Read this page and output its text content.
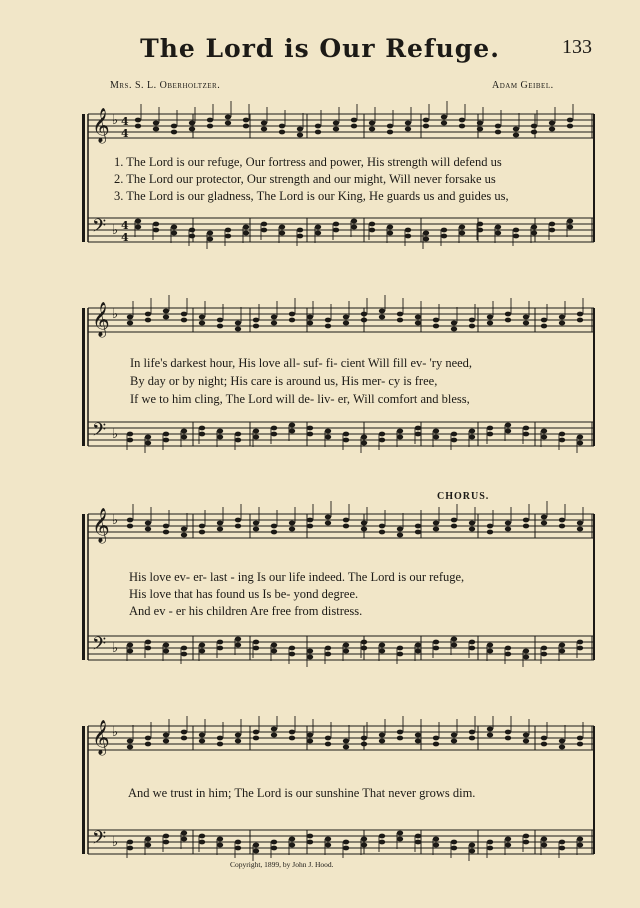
The Lord is Our Refuge.	133
Mrs. S. L. Oberholtzer.	Adam Geibel.
𝄞 ♭ 4
4
𝄢 ♭ 4
4
1. The Lord is our refuge, Our fortress and power, His strength will defend us
2. The Lord our protector, Our strength and our might, Will never forsake us
3. The Lord is our gladness, The Lord is our King, He guards us and guides us,
𝄞 ♭
𝄢 ♭
In life's darkest hour, His love all- suf- fi- cient Will fill ev- 'ry need,
By day or by night; His care is around us, His mer- cy is free,
If we to him cling, The Lord will de- liv- er, Will comfort and bless,
CHORUS.
𝄞 ♭
𝄢 ♭
His love ev- er- last - ing Is our life indeed. The Lord is our refuge,
His love that has found us Is be- yond degree.
And ev - er his children Are free from distress.
𝄞 ♭
𝄢 ♭
And we trust in him; The Lord is our sunshine That never grows dim.
Copyright, 1899, by John J. Hood.
